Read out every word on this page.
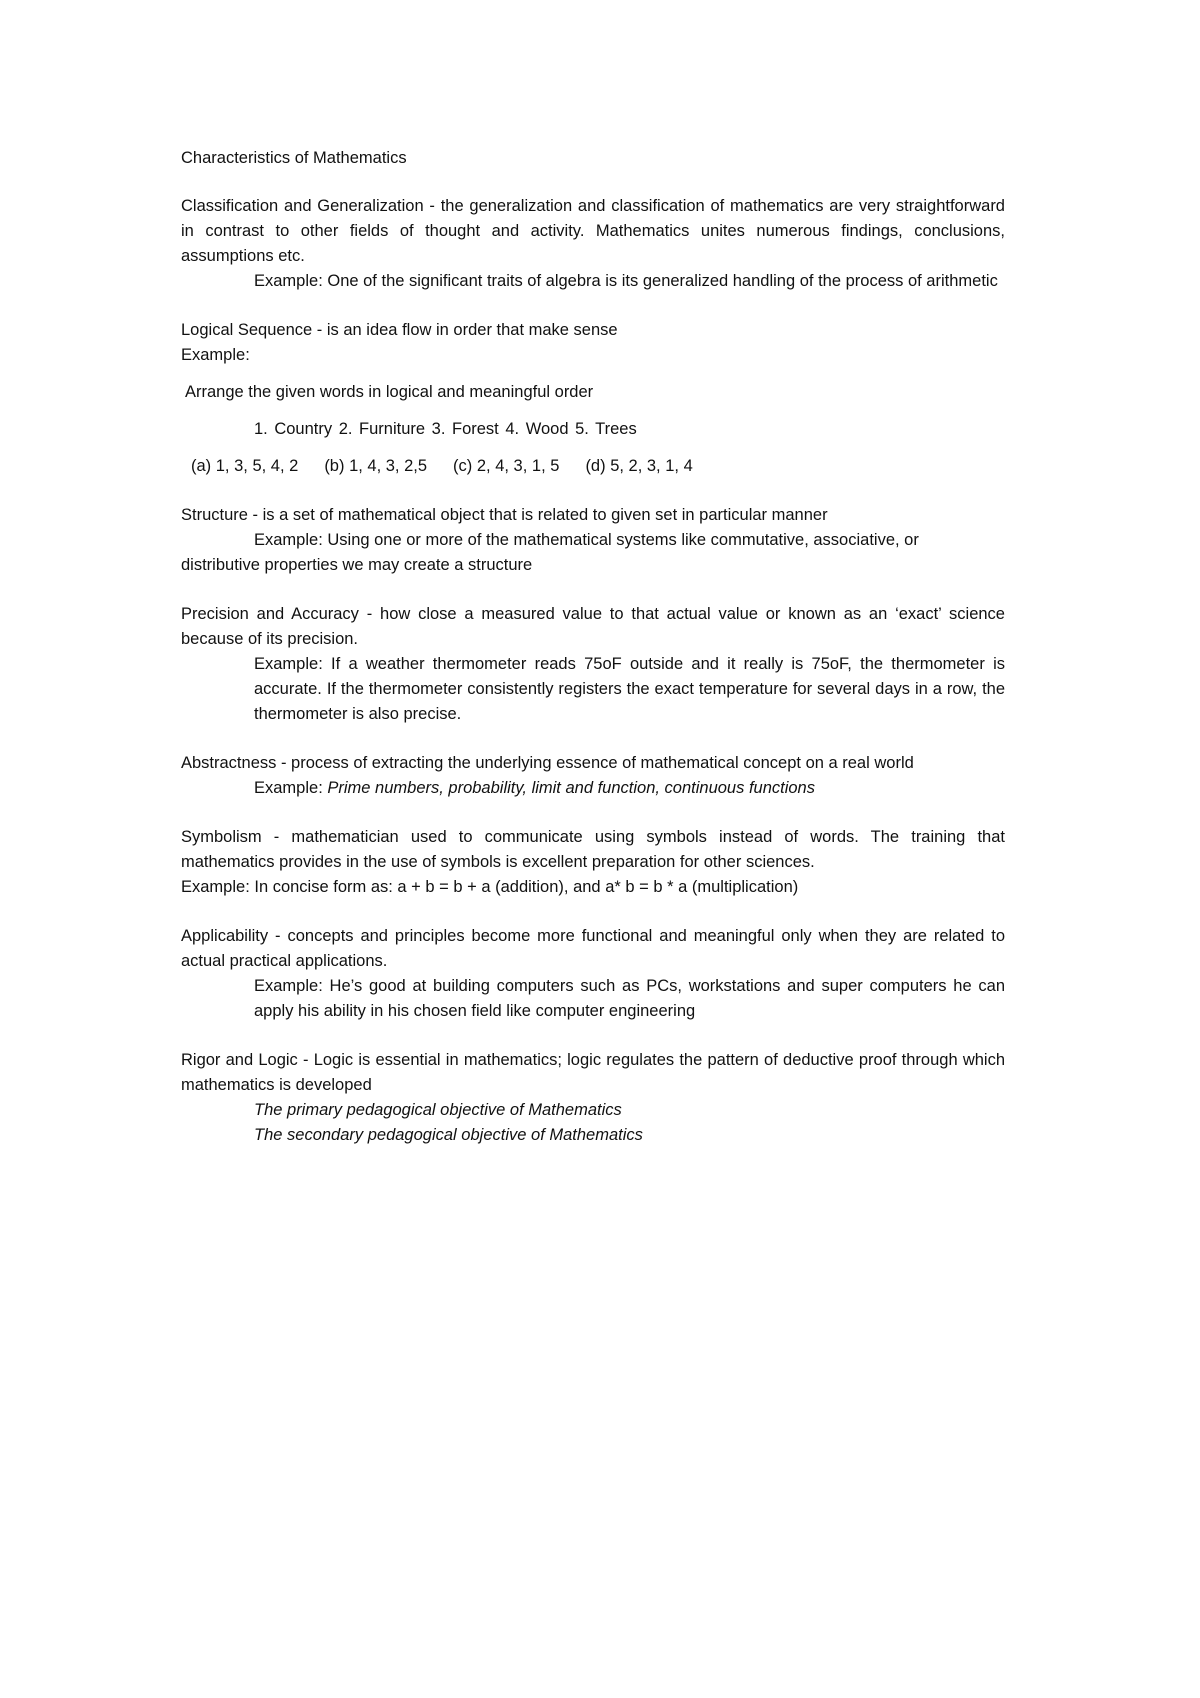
Characteristics of Mathematics

Classification and Generalization - the generalization and classification of mathematics are very straightforward in contrast to other fields of thought and activity. Mathematics unites numerous findings, conclusions, assumptions etc.

Example: One of the significant traits of algebra is its generalized handling of the process of arithmetic

Logical Sequence - is an idea flow in order that make sense

Example:

Arrange the given words in logical and meaningful order

1. Country 2. Furniture 3. Forest 4. Wood 5. Trees

(a) 1, 3, 5, 4, 2 (b) 1, 4, 3, 2,5 (c) 2, 4, 3, 1, 5 (d) 5, 2, 3, 1, 4

Structure - is a set of mathematical object that is related to given set in particular manner

Example: Using one or more of the mathematical systems like commutative, associative, or

distributive properties we may create a structure

Precision and Accuracy - how close a measured value to that actual value or known as an ‘exact’ science because of its precision.

Example: If a weather thermometer reads 75oF outside and it really is 75oF, the thermometer is accurate. If the thermometer consistently registers the exact temperature for several days in a row, the thermometer is also precise.

Abstractness - process of extracting the underlying essence of mathematical concept on a real world

Example: Prime numbers, probability, limit and function, continuous functions

Symbolism - mathematician used to communicate using symbols instead of words. The training that mathematics provides in the use of symbols is excellent preparation for other sciences.

Example: In concise form as: a + b = b + a (addition), and a* b = b * a (multiplication)

Applicability - concepts and principles become more functional and meaningful only when they are related to actual practical applications.

Example: He’s good at building computers such as PCs, workstations and super computers he can apply his ability in his chosen field like computer engineering

Rigor and Logic - Logic is essential in mathematics; logic regulates the pattern of deductive proof through which mathematics is developed

The primary pedagogical objective of Mathematics

The secondary pedagogical objective of Mathematics
